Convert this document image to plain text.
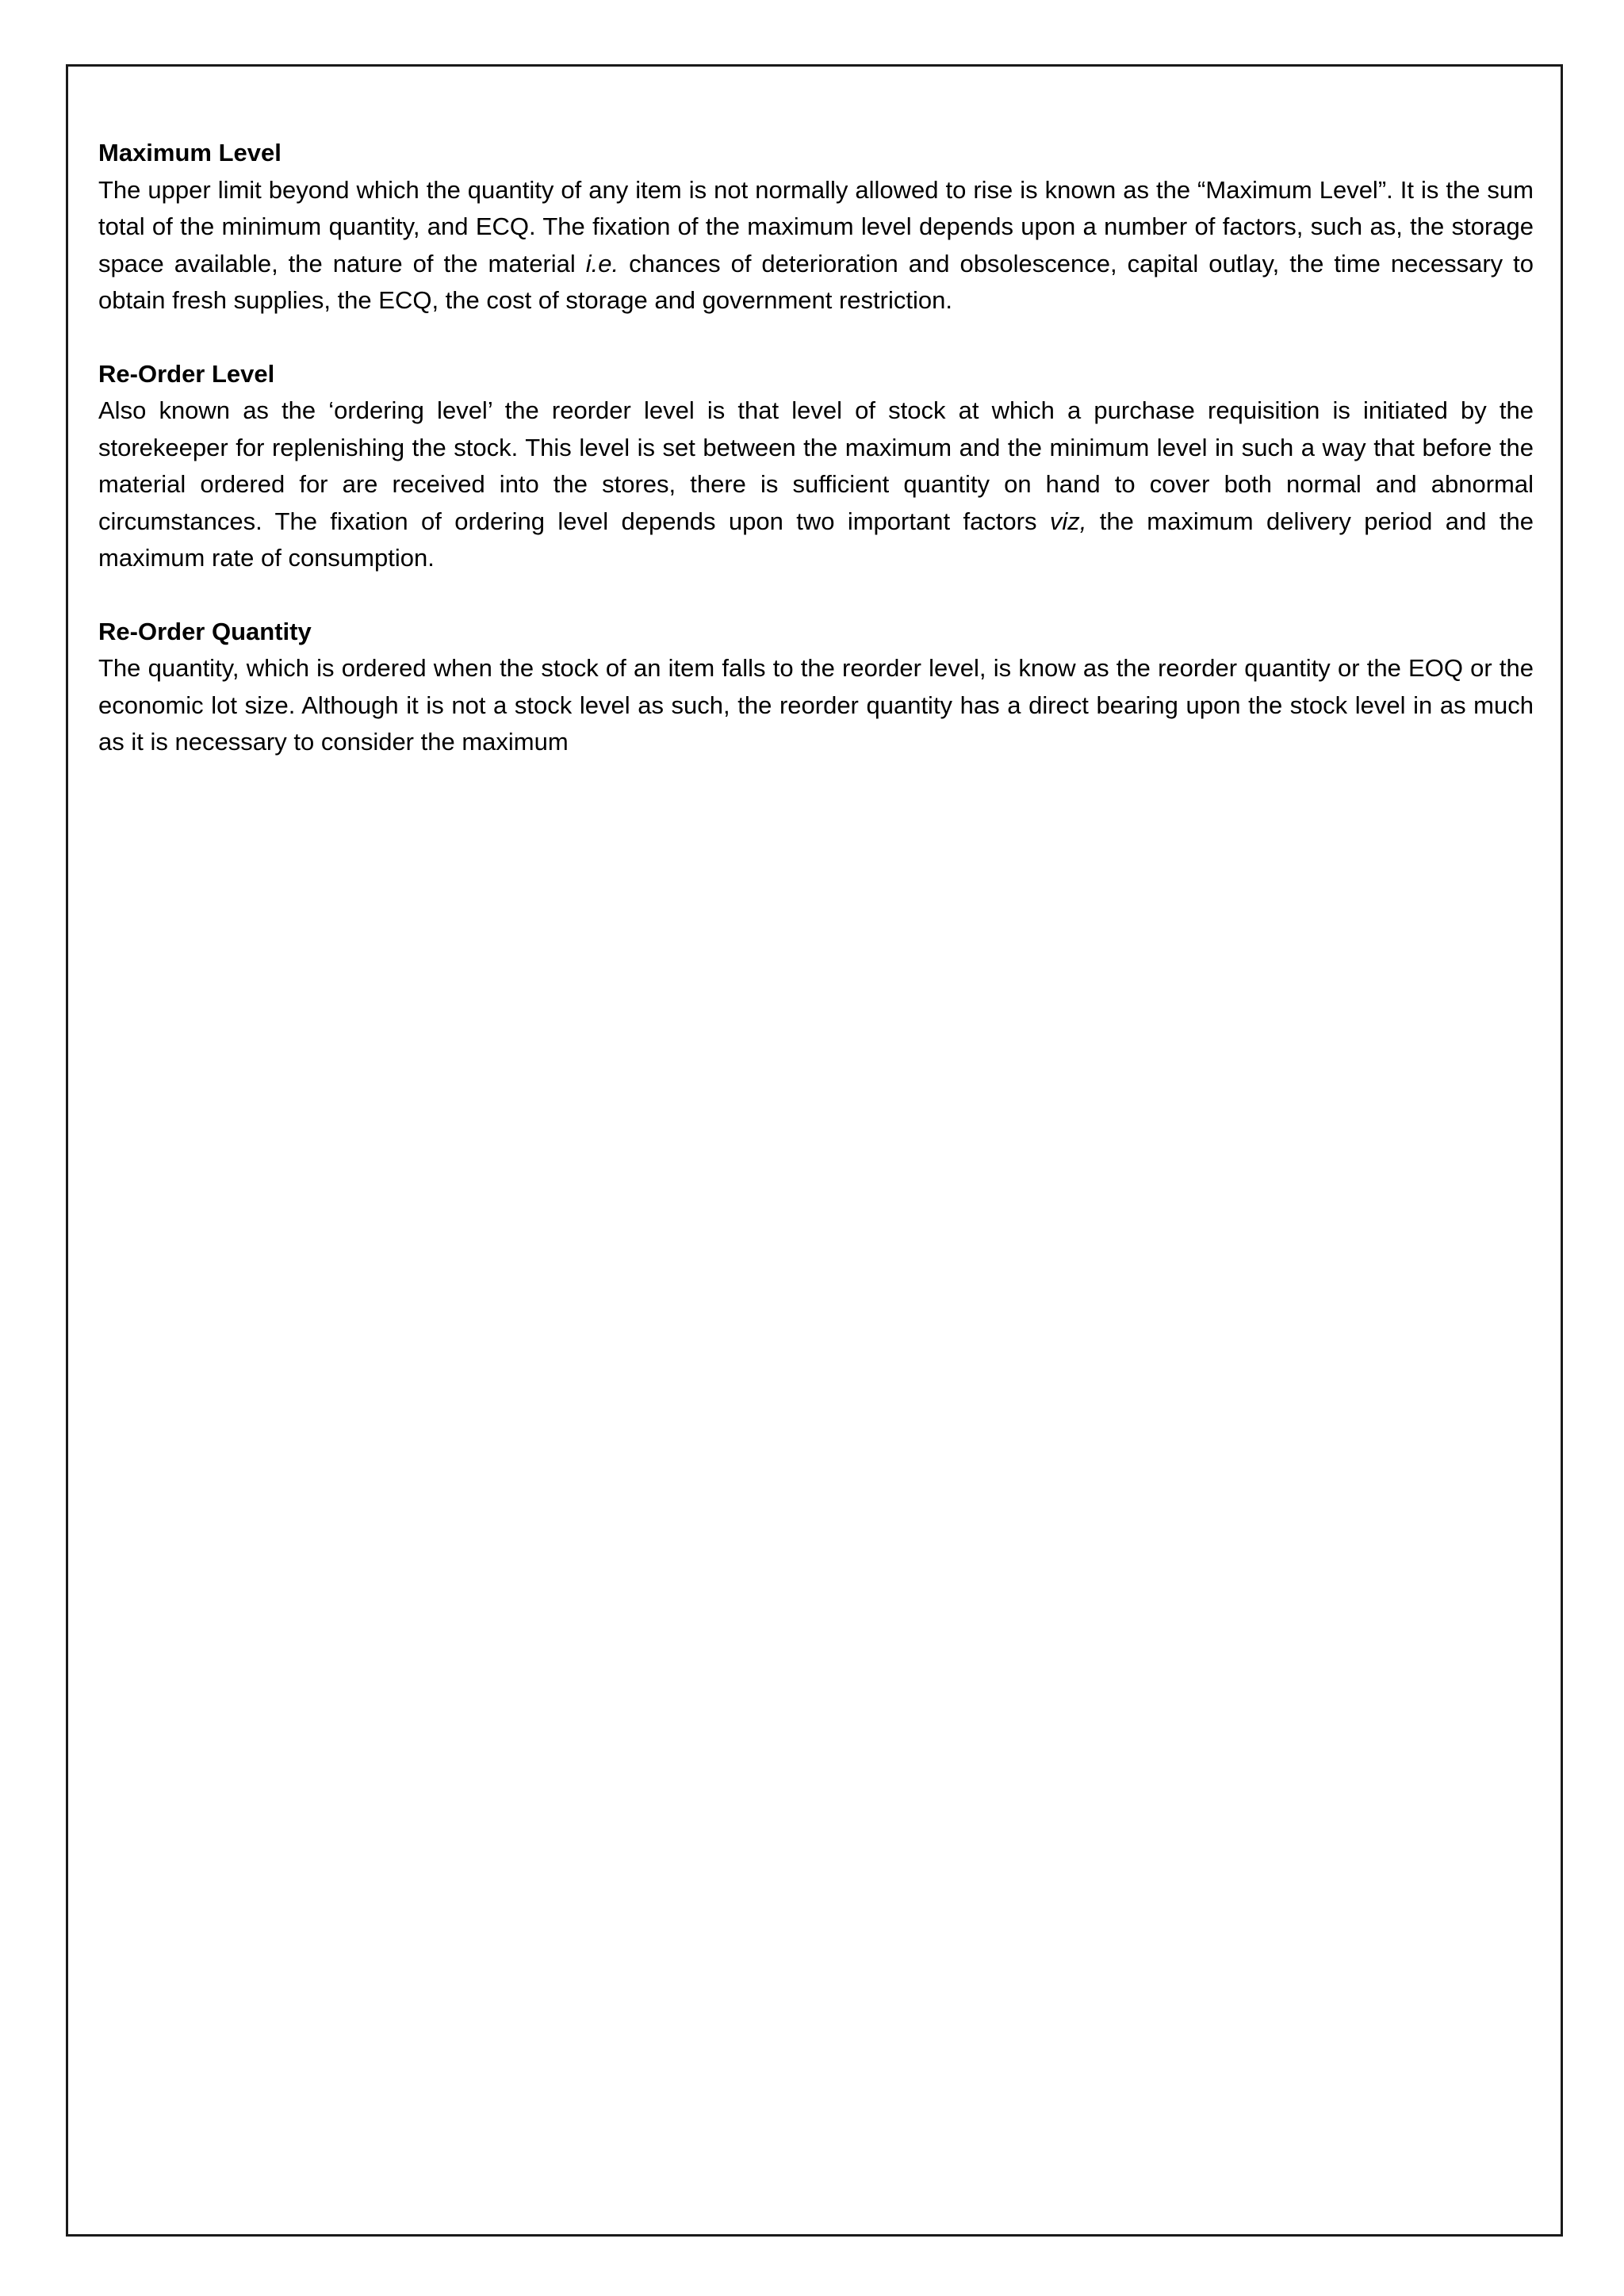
Maximum Level

The upper limit beyond which the quantity of any item is not normally allowed to rise is known as the “Maximum Level”. It is the sum total of the minimum quantity, and ECQ. The fixation of the maximum level depends upon a number of factors, such as, the storage space available, the nature of the material i.e. chances of deterioration and obsolescence, capital outlay, the time necessary to obtain fresh supplies, the ECQ, the cost of storage and government restriction.

Re-Order Level

Also known as the ‘ordering level’ the reorder level is that level of stock at which a purchase requisition is initiated by the storekeeper for replenishing the stock. This level is set between the maximum and the minimum level in such a way that before the material ordered for are received into the stores, there is sufficient quantity on hand to cover both normal and abnormal circumstances. The fixation of ordering level depends upon two important factors viz, the maximum delivery period and the maximum rate of consumption.

Re-Order Quantity

The quantity, which is ordered when the stock of an item falls to the reorder level, is know as the reorder quantity or the EOQ or the economic lot size. Although it is not a stock level as such, the reorder quantity has a direct bearing upon the stock level in as much as it is necessary to consider the maximum
